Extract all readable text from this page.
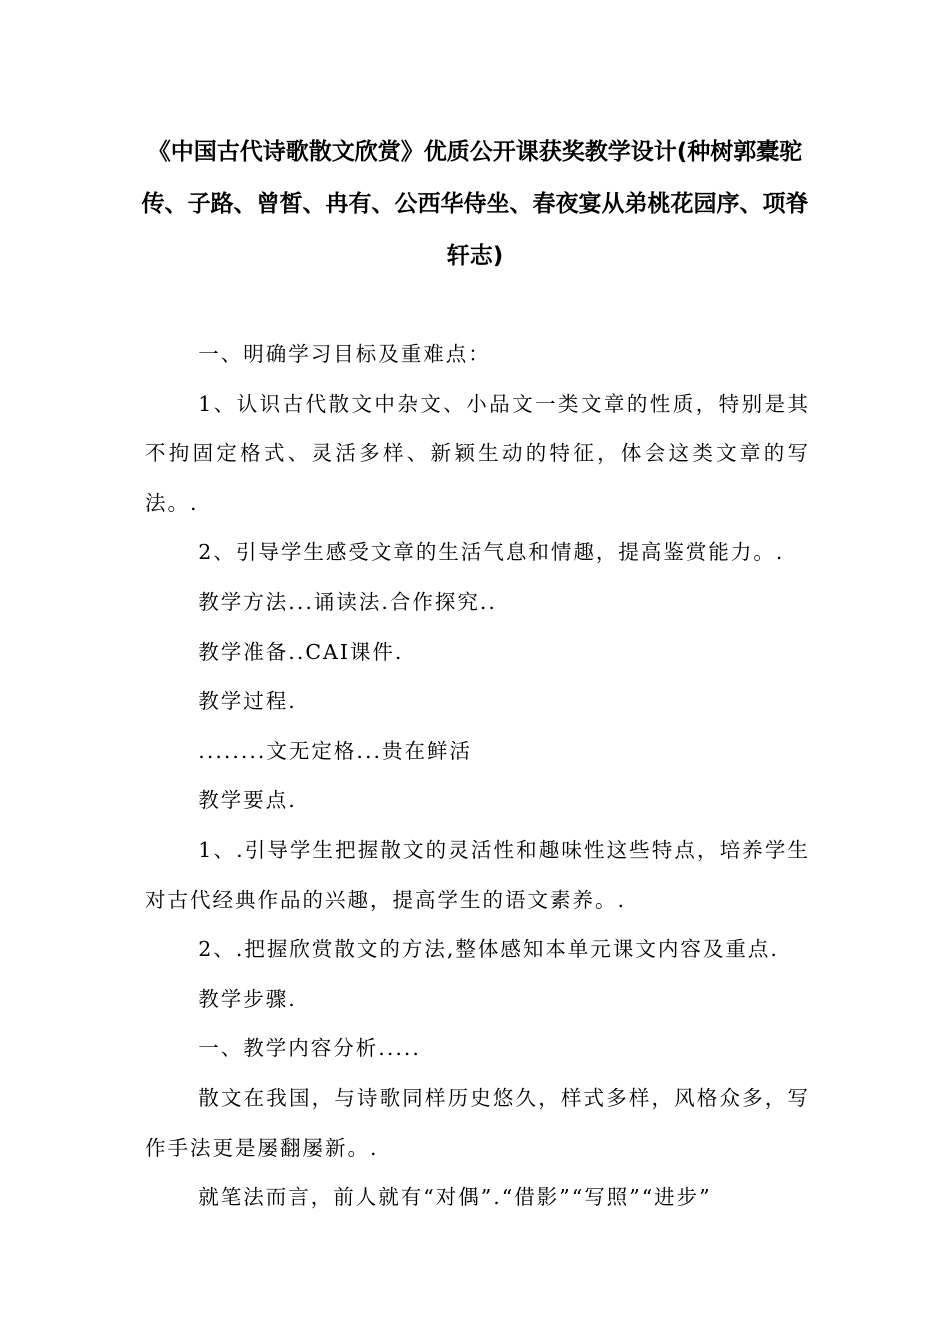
《中国古代诗歌散文欣赏》优质公开课获奖教学设计(种树郭橐驼传、子路、曾皙、冉有、公西华侍坐、春夜宴从弟桃花园序、项脊轩志)

一、明确学习目标及重难点：

1、认识古代散文中杂文、小品文一类文章的性质，特别是其不拘固定格式、灵活多样、新颖生动的特征，体会这类文章的写法。.

2、引导学生感受文章的生活气息和情趣，提高鉴赏能力。.

教学方法...诵读法.合作探究..

教学准备..CAI课件.

教学过程.

........文无定格...贵在鲜活

教学要点.

1、.引导学生把握散文的灵活性和趣味性这些特点，培养学生对古代经典作品的兴趣，提高学生的语文素养。.

2、.把握欣赏散文的方法,整体感知本单元课文内容及重点.

教学步骤.

一、教学内容分析.....

散文在我国，与诗歌同样历史悠久，样式多样，风格众多，写作手法更是屡翻屡新。.

就笔法而言，前人就有“对偶”.“借影”“写照”“进步”
